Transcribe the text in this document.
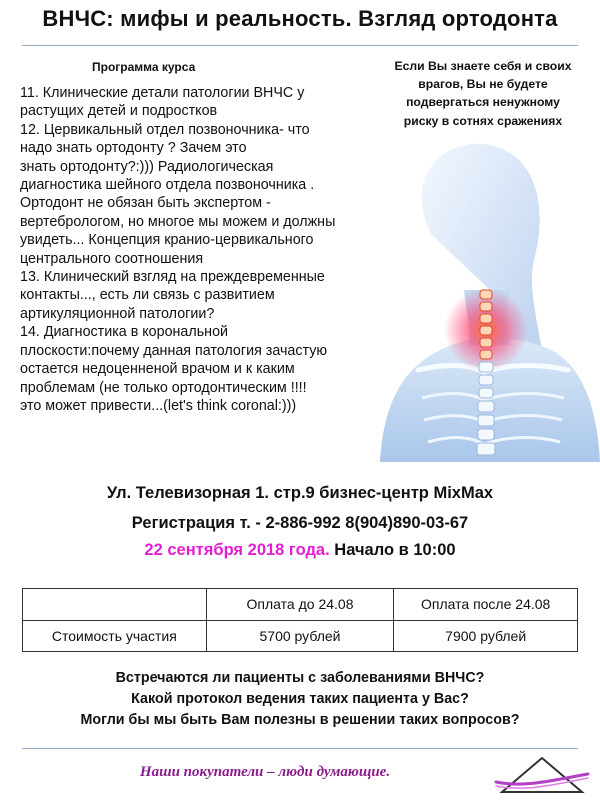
ВНЧС: мифы и реальность. Взгляд ортодонта
Программа курса

11. Клинические детали патологии ВНЧС у

растущих детей и подростков

12. Цервикальный отдел позвоночника- что

надо знать ортодонту ? Зачем это

знать ортодонту?:))) Радиологическая

диагностика шейного отдела позвоночника .

Ортодонт не обязан быть экспертом -

вертебрологом, но многое мы можем и должны

увидеть... Концепция кранио-цервикального

центрального соотношения

13. Клинический взгляд на преждевременные

контакты..., есть ли связь с развитием

артикуляционной патологии?

14. Диагностика в корональной

плоскости:почему данная патология зачастую

остается недоценненой врачом и к каким

проблемам (не только ортодонтическим !!!!

это может привести...(let's think coronal:)))

Если Вы знаете себя и своих
врагов, Вы не будете
подвергаться ненужному
риску в сотнях сражениях
Ул. Телевизорная 1. стр.9 бизнес-центр MixMax
Регистрация т. - 2-886-992 8(904)890-03-67
22 сентября 2018 года. Начало в 10:00
	Оплата до 24.08	Оплата после 24.08
Стоимость участия	5700 рублей	7900 рублей

Встречаются ли пациенты с заболеваниями ВНЧС?

Какой протокол ведения таких пациента у Вас?

Могли бы мы быть Вам полезны в решении таких вопросов?

Наши покупатели – люди думающие.
